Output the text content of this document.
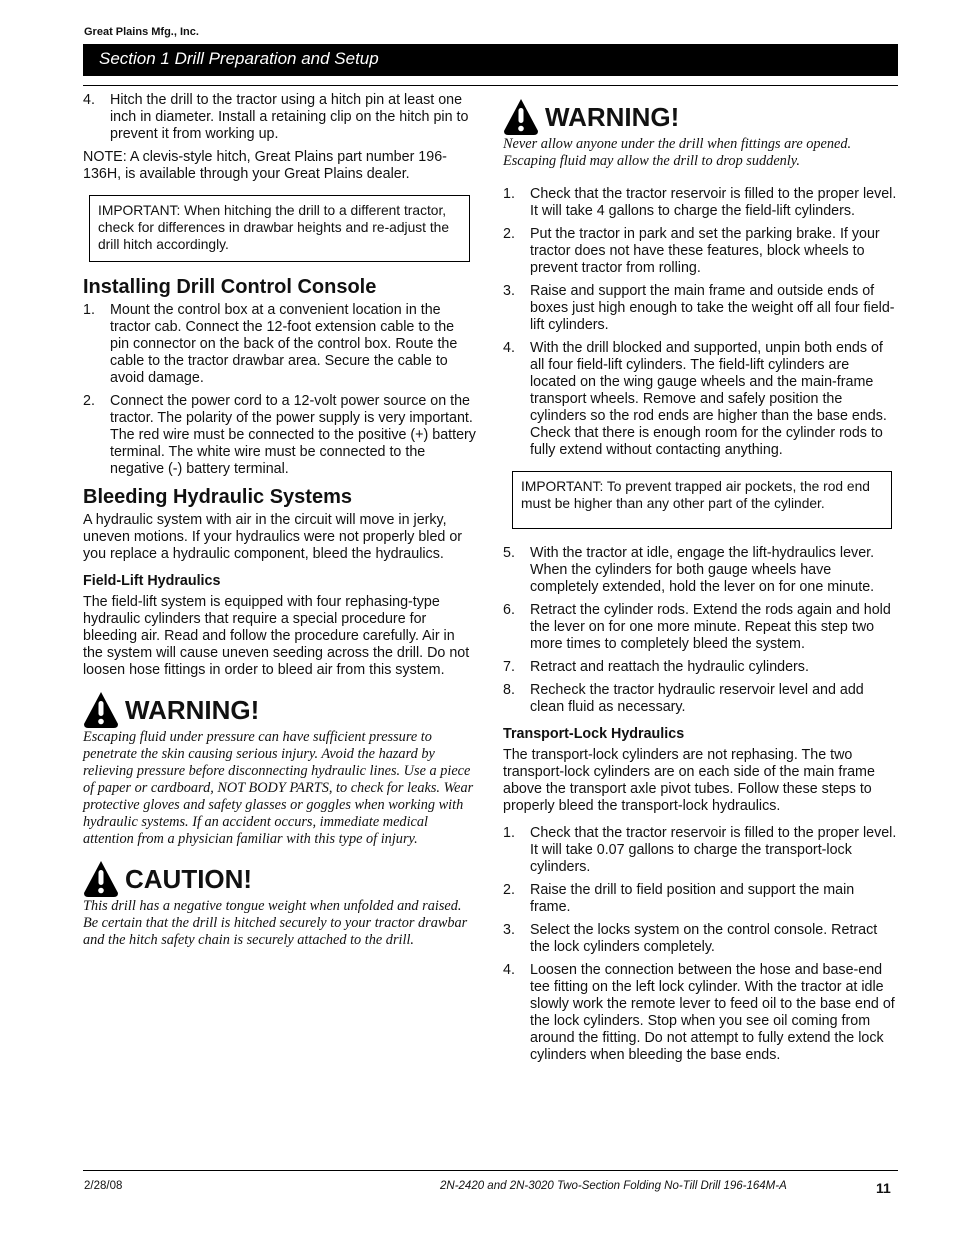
Great Plains Mfg., Inc.
Section 1 Drill Preparation and Setup
4.	Hitch the drill to the tractor using a hitch pin at least one inch in diameter. Install a retaining clip on the hitch pin to prevent it from working up.

NOTE: A clevis-style hitch, Great Plains part number 196-136H, is available through your Great Plains dealer.

IMPORTANT: When hitching the drill to a different tractor, check for differences in drawbar heights and re-adjust the drill hitch accordingly.
Installing Drill Control Console
1.	Mount the control box at a convenient location in the tractor cab. Connect the 12-foot extension cable to the pin connector on the back of the control box. Route the cable to the tractor drawbar area. Secure the cable to avoid damage.
2.	Connect the power cord to a 12-volt power source on the tractor. The polarity of the power supply is very important. The red wire must be connected to the positive (+) battery terminal. The white wire must be connected to the negative (-) battery terminal.
Bleeding Hydraulic Systems

A hydraulic system with air in the circuit will move in jerky, uneven motions. If your hydraulics were not properly bled or you replace a hydraulic component, bleed the hydraulics.

Field-Lift Hydraulics

The field-lift system is equipped with four rephasing-type hydraulic cylinders that require a special procedure for bleeding air. Read and follow the procedure carefully. Air in the system will cause uneven seeding across the drill. Do not loosen hose fittings in order to bleed air from this system.

WARNING!

Escaping fluid under pressure can have sufficient pressure to penetrate the skin causing serious injury. Avoid the hazard by relieving pressure before disconnecting hydraulic lines. Use a piece of paper or cardboard, NOT BODY PARTS, to check for leaks. Wear protective gloves and safety glasses or goggles when working with hydraulic systems. If an accident occurs, immediate medical attention from a physician familiar with this type of injury.

CAUTION!

This drill has a negative tongue weight when unfolded and raised. Be certain that the drill is hitched securely to your tractor drawbar and the hitch safety chain is securely attached to the drill.

WARNING!

Never allow anyone under the drill when fittings are opened. Escaping fluid may allow the drill to drop suddenly.

1.	Check that the tractor reservoir is filled to the proper level. It will take 4 gallons to charge the field-lift cylinders.
2.	Put the tractor in park and set the parking brake. If your tractor does not have these features, block wheels to prevent tractor from rolling.
3.	Raise and support the main frame and outside ends of boxes just high enough to take the weight off all four field-lift cylinders.
4.	With the drill blocked and supported, unpin both ends of all four field-lift cylinders. The field-lift cylinders are located on the wing gauge wheels and the main-frame transport wheels. Remove and safely position the cylinders so the rod ends are higher than the base ends. Check that there is enough room for the cylinder rods to fully extend without contacting anything.
IMPORTANT: To prevent trapped air pockets, the rod end must be higher than any other part of the cylinder.
5.	With the tractor at idle, engage the lift-hydraulics lever. When the cylinders for both gauge wheels have completely extended, hold the lever on for one minute.
6.	Retract the cylinder rods. Extend the rods again and hold the lever on for one more minute. Repeat this step two more times to completely bleed the system.
7.	Retract and reattach the hydraulic cylinders.
8.	Recheck the tractor hydraulic reservoir level and add clean fluid as necessary.
Transport-Lock Hydraulics

The transport-lock cylinders are not rephasing. The two transport-lock cylinders are on each side of the main frame above the transport axle pivot tubes. Follow these steps to properly bleed the transport-lock hydraulics.

1.	Check that the tractor reservoir is filled to the proper level. It will take 0.07 gallons to charge the transport-lock cylinders.
2.	Raise the drill to field position and support the main frame.
3.	Select the locks system on the control console. Retract the lock cylinders completely.
4.	Loosen the connection between the hose and base-end tee fitting on the left lock cylinder. With the tractor at idle slowly work the remote lever to feed oil to the base end of the lock cylinders. Stop when you see oil coming from around the fitting. Do not attempt to fully extend the lock cylinders when bleeding the base ends.
2/28/08	2N-2420 and 2N-3020 Two-Section Folding No-Till Drill 196-164M-A	11
